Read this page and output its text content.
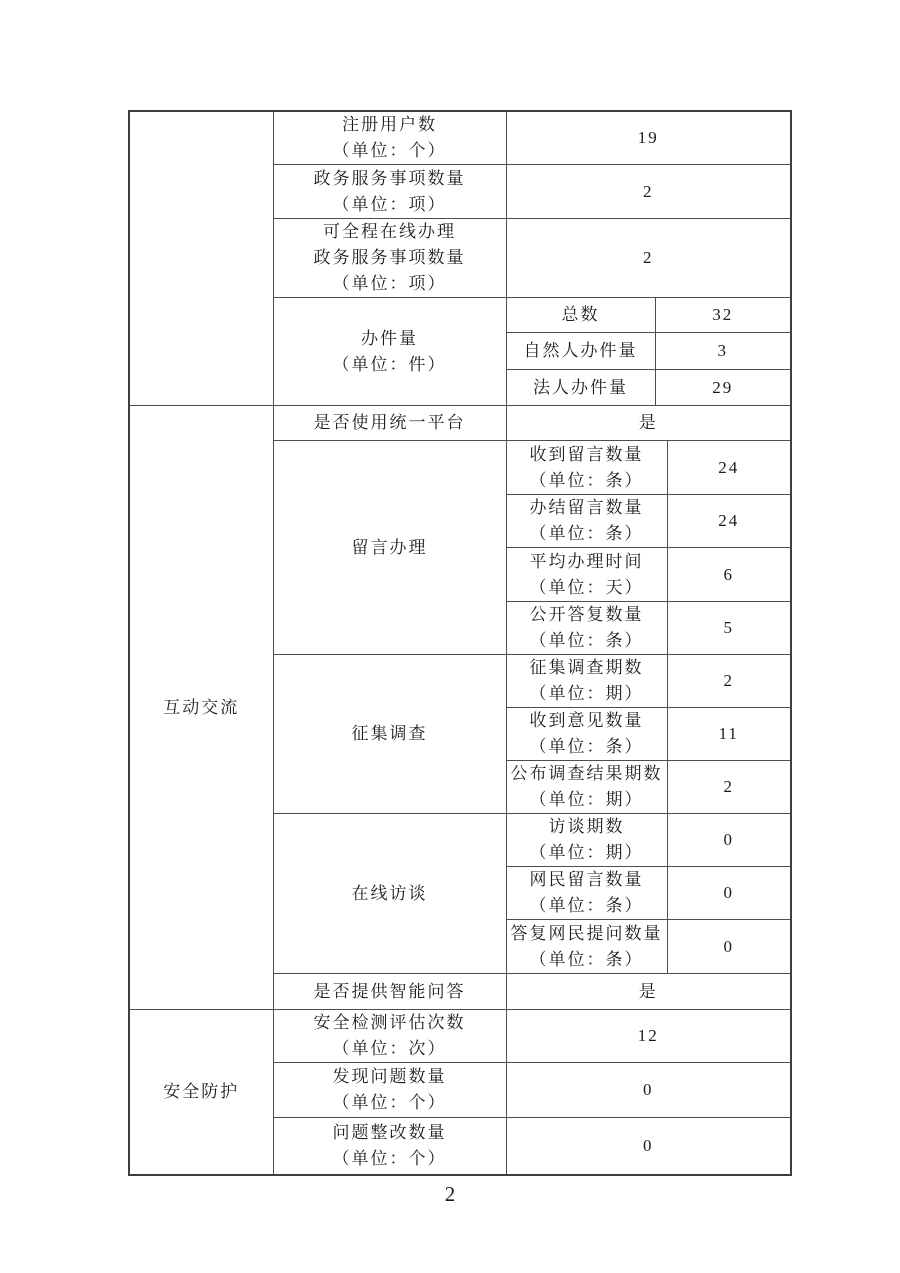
	注册用户数
（单位：个）	19		

	政务服务事项数量
（单位：项）	2		

	可全程在线办理
政务服务事项数量
（单位：项）	2		

	办件量
（单位：件）	总数	32	
		自然人办件量	3	
		法人办件量	29	
互动交流	是否使用统一平台	是		

	留言办理	收到留言数量
（单位：条）		24

		办结留言数量
（单位：条）		24

		平均办理时间
（单位：天）		6

		公开答复数量
（单位：条）		5

	征集调查	征集调查期数
（单位：期）		2

		收到意见数量
（单位：条）		11

		公布调查结果期数
（单位：期）		2

	在线访谈	访谈期数
（单位：期）		0

		网民留言数量
（单位：条）		0

		答复网民提问数量
（单位：条）		0

	是否提供智能问答	是		
安全防护	安全检测评估次数
（单位：次）	12		

	发现问题数量
（单位：个）	0		

	问题整改数量
（单位：个）	0		
2
